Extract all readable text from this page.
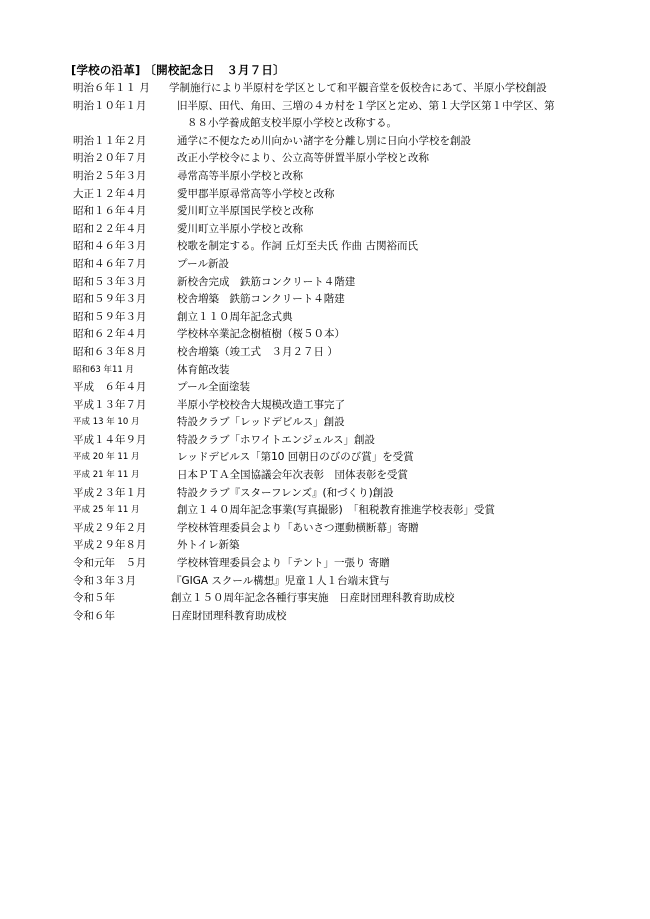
[学校の沿革] 〔開校記念日　３月７日〕
明治６年１１ 月	学制施行により半原村を学区として和平観音堂を仮校舎にあて、半原小学校創設
明治１０年１月	旧半原、田代、角田、三増の４カ村を１学区と定め、第１大学区第１中学区、第
８８小学養成館支校半原小学校と改称する。
明治１１年２月	通学に不便なため川向かい諸字を分離し別に日向小学校を創設
明治２０年７月	改正小学校令により、公立高等併置半原小学校と改称
明治２５年３月	尋常高等半原小学校と改称
大正１２年４月	愛甲郡半原尋常高等小学校と改称
昭和１６年４月	愛川町立半原国民学校と改称
昭和２２年４月	愛川町立半原小学校と改称
昭和４６年３月	校歌を制定する。作詞 丘灯至夫氏 作曲 古関裕而氏
昭和４６年７月	プール新設
昭和５３年３月	新校舎完成　鉄筋コンクリート４階建
昭和５９年３月	校舎増築　鉄筋コンクリート４階建
昭和５９年３月	創立１１０周年記念式典
昭和６２年４月	学校林卒業記念樹植樹（桜５０本）
昭和６３年８月	校舎増築（竣工式　３月２７日 ）
昭和63 年11 月	体育館改装
平成　６年４月	プール全面塗装
平成１３年７月	半原小学校校舎大規模改造工事完了
平成 13 年 10 月	特設クラブ「レッドデビルス」創設
平成１４年９月	特設クラブ「ホワイトエンジェルス」創設
平成 20 年 11 月	レッドデビルス「第10 回朝日のびのび賞」を受賞
平成 21 年 11 月	日本ＰＴＡ全国協議会年次表彰　団体表彰を受賞
平成２３年１月	特設クラブ『スターフレンズ』(和づくり)創設
平成 25 年 11 月	創立１４０周年記念事業(写真撮影)　「租税教育推進学校表彰」受賞
平成２９年２月	学校林管理委員会より「あいさつ運動横断幕」寄贈
平成２９年８月	外トイレ新築
令和元年　５月	学校林管理委員会より「テント」一張り 寄贈
令和３年３月	『GIGA スクール構想』児童１人１台端末貸与
令和５年	創立１５０周年記念各種行事実施　日産財団理科教育助成校
令和６年	日産財団理科教育助成校
